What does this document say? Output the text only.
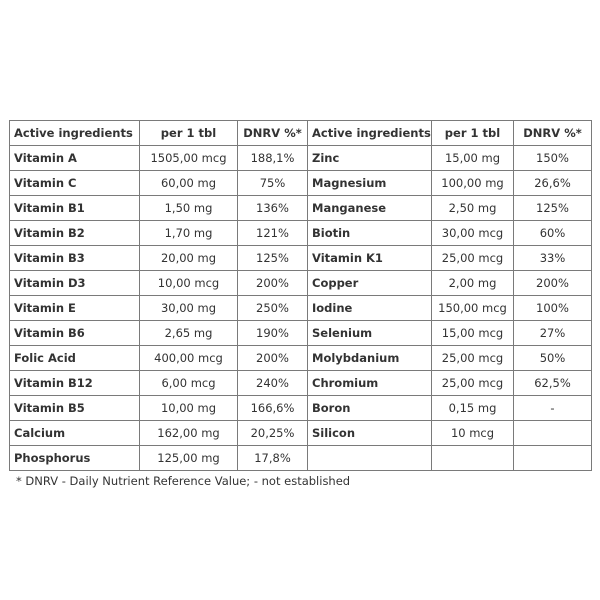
Active ingredients	per 1 tbl	DNRV %*	Active ingredients	per 1 tbl	DNRV %*
Vitamin A	1505,00 mcg	188,1%	Zinc	15,00 mg	150%
Vitamin C	60,00 mg	75%	Magnesium	100,00 mg	26,6%
Vitamin B1	1,50 mg	136%	Manganese	2,50 mg	125%
Vitamin B2	1,70 mg	121%	Biotin	30,00 mcg	60%
Vitamin B3	20,00 mg	125%	Vitamin K1	25,00 mcg	33%
Vitamin D3	10,00 mcg	200%	Copper	2,00 mg	200%
Vitamin E	30,00 mg	250%	Iodine	150,00 mcg	100%
Vitamin B6	2,65 mg	190%	Selenium	15,00 mcg	27%
Folic Acid	400,00 mcg	200%	Molybdanium	25,00 mcg	50%
Vitamin B12	6,00 mcg	240%	Chromium	25,00 mcg	62,5%
Vitamin B5	10,00 mg	166,6%	Boron	0,15 mg	-
Calcium	162,00 mg	20,25%	Silicon	10 mcg	
Phosphorus	125,00 mg	17,8%			
* DNRV - Daily Nutrient Reference Value; - not established
